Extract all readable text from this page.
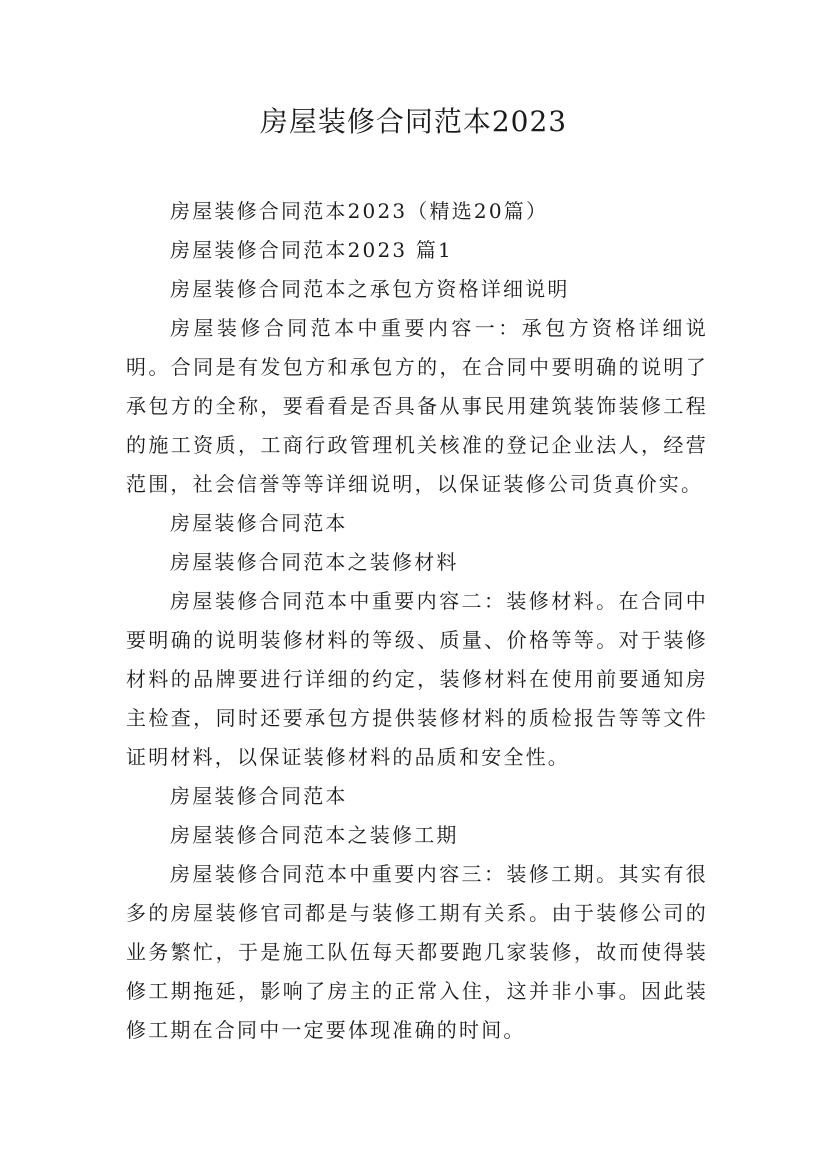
房屋装修合同范本2023

房屋装修合同范本2023（精选20篇）

房屋装修合同范本2023 篇1

房屋装修合同范本之承包方资格详细说明

房屋装修合同范本中重要内容一：承包方资格详细说明。合同是有发包方和承包方的，在合同中要明确的说明了承包方的全称，要看看是否具备从事民用建筑装饰装修工程的施工资质，工商行政管理机关核准的登记企业法人，经营范围，社会信誉等等详细说明，以保证装修公司货真价实。

房屋装修合同范本

房屋装修合同范本之装修材料

房屋装修合同范本中重要内容二：装修材料。在合同中要明确的说明装修材料的等级、质量、价格等等。对于装修材料的品牌要进行详细的约定，装修材料在使用前要通知房主检查，同时还要承包方提供装修材料的质检报告等等文件证明材料，以保证装修材料的品质和安全性。

房屋装修合同范本

房屋装修合同范本之装修工期

房屋装修合同范本中重要内容三：装修工期。其实有很多的房屋装修官司都是与装修工期有关系。由于装修公司的业务繁忙，于是施工队伍每天都要跑几家装修，故而使得装修工期拖延，影响了房主的正常入住，这并非小事。因此装修工期在合同中一定要体现准确的时间。
